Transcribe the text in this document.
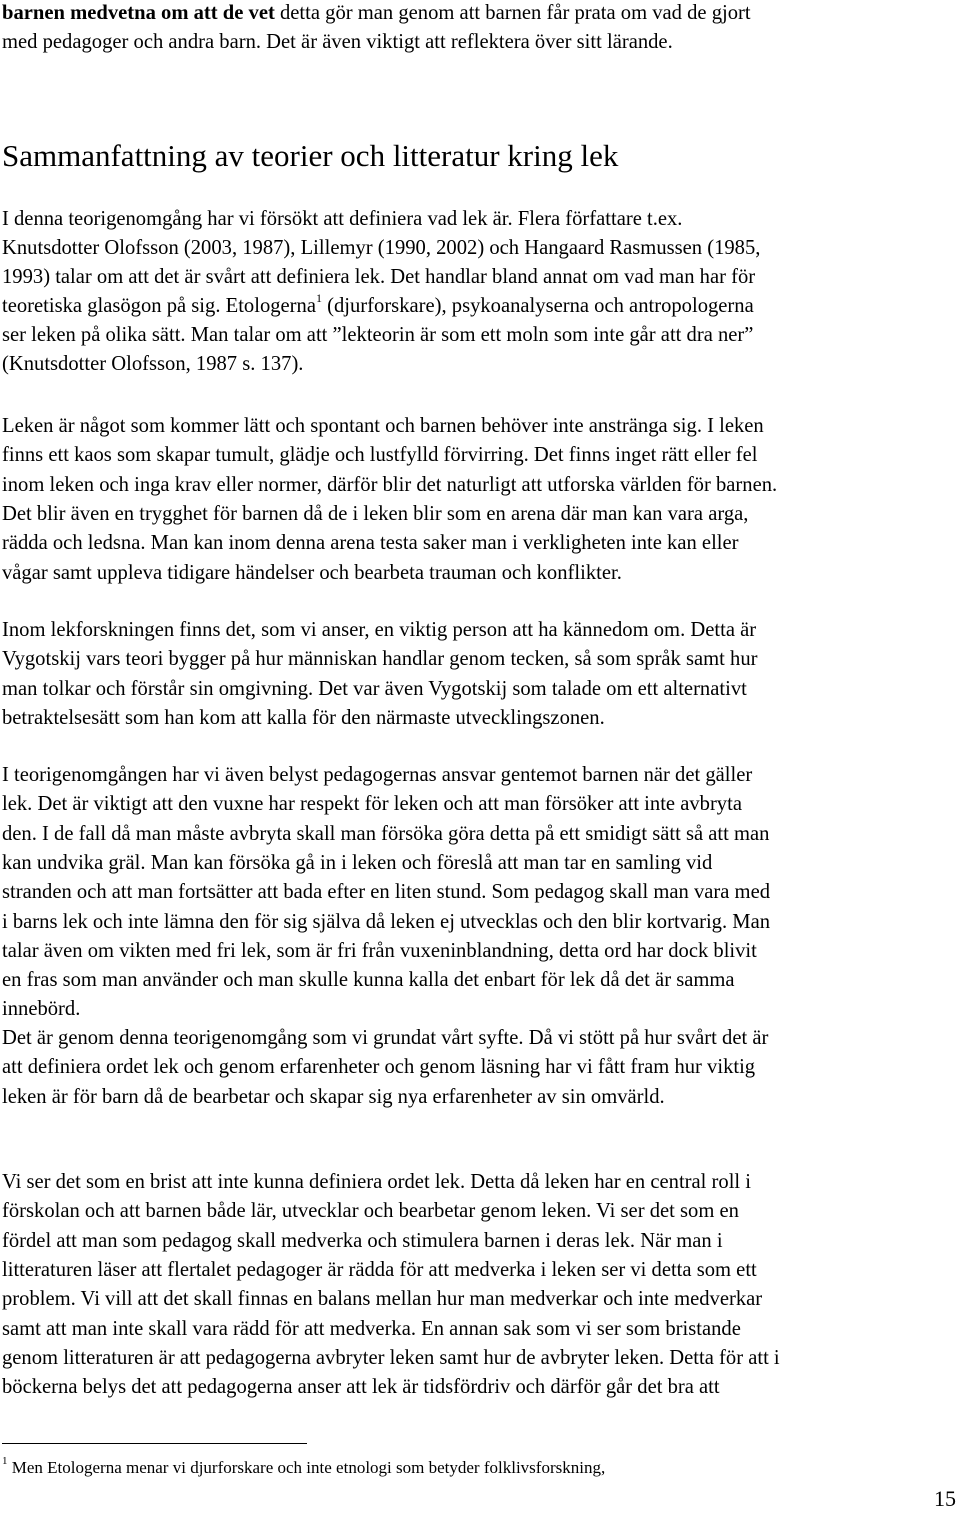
barnen medvetna om att de vet detta gör man genom att barnen får prata om vad de gjort
med pedagoger och andra barn. Det är även viktigt att reflektera över sitt lärande.
Sammanfattning av teorier och litteratur kring lek
I denna teorigenomgång har vi försökt att definiera vad lek är. Flera författare t.ex.
Knutsdotter Olofsson (2003, 1987), Lillemyr (1990, 2002) och Hangaard Rasmussen (1985,
1993) talar om att det är svårt att definiera lek. Det handlar bland annat om vad man har för
teoretiska glasögon på sig. Etologerna$^1$ (djurforskare), psykoanalyserna och antropologerna
ser leken på olika sätt. Man talar om att ”lekteorin är som ett moln som inte går att dra ner”
(Knutsdotter Olofsson, 1987 s. 137).
Leken är något som kommer lätt och spontant och barnen behöver inte anstränga sig. I leken
finns ett kaos som skapar tumult, glädje och lustfylld förvirring. Det finns inget rätt eller fel
inom leken och inga krav eller normer, därför blir det naturligt att utforska världen för barnen.
Det blir även en trygghet för barnen då de i leken blir som en arena där man kan vara arga,
rädda och ledsna. Man kan inom denna arena testa saker man i verkligheten inte kan eller
vågar samt uppleva tidigare händelser och bearbeta trauman och konflikter.
Inom lekforskningen finns det, som vi anser, en viktig person att ha kännedom om. Detta är
Vygotskij vars teori bygger på hur människan handlar genom tecken, så som språk samt hur
man tolkar och förstår sin omgivning. Det var även Vygotskij som talade om ett alternativt
betraktelsesätt som han kom att kalla för den närmaste utvecklingszonen.
I teorigenomgången har vi även belyst pedagogernas ansvar gentemot barnen när det gäller
lek. Det är viktigt att den vuxne har respekt för leken och att man försöker att inte avbryta
den. I de fall då man måste avbryta skall man försöka göra detta på ett smidigt sätt så att man
kan undvika gräl. Man kan försöka gå in i leken och föreslå att man tar en samling vid
stranden och att man fortsätter att bada efter en liten stund. Som pedagog skall man vara med
i barns lek och inte lämna den för sig själva då leken ej utvecklas och den blir kortvarig. Man
talar även om vikten med fri lek, som är fri från vuxeninblandning, detta ord har dock blivit
en fras som man använder och man skulle kunna kalla det enbart för lek då det är samma
innebörd.
Det är genom denna teorigenomgång som vi grundat vårt syfte. Då vi stött på hur svårt det är
att definiera ordet lek och genom erfarenheter och genom läsning har vi fått fram hur viktig
leken är för barn då de bearbetar och skapar sig nya erfarenheter av sin omvärld.
Vi ser det som en brist att inte kunna definiera ordet lek. Detta då leken har en central roll i
förskolan och att barnen både lär, utvecklar och bearbetar genom leken. Vi ser det som en
fördel att man som pedagog skall medverka och stimulera barnen i deras lek. När man i
litteraturen läser att flertalet pedagoger är rädda för att medverka i leken ser vi detta som ett
problem. Vi vill att det skall finnas en balans mellan hur man medverkar och inte medverkar
samt att man inte skall vara rädd för att medverka. En annan sak som vi ser som bristande
genom litteraturen är att pedagogerna avbryter leken samt hur de avbryter leken. Detta för att i
böckerna belys det att pedagogerna anser att lek är tidsfördriv och därför går det bra att
$^1$ Men Etologerna menar vi djurforskare och inte etnologi som betyder folklivsforskning,
15
